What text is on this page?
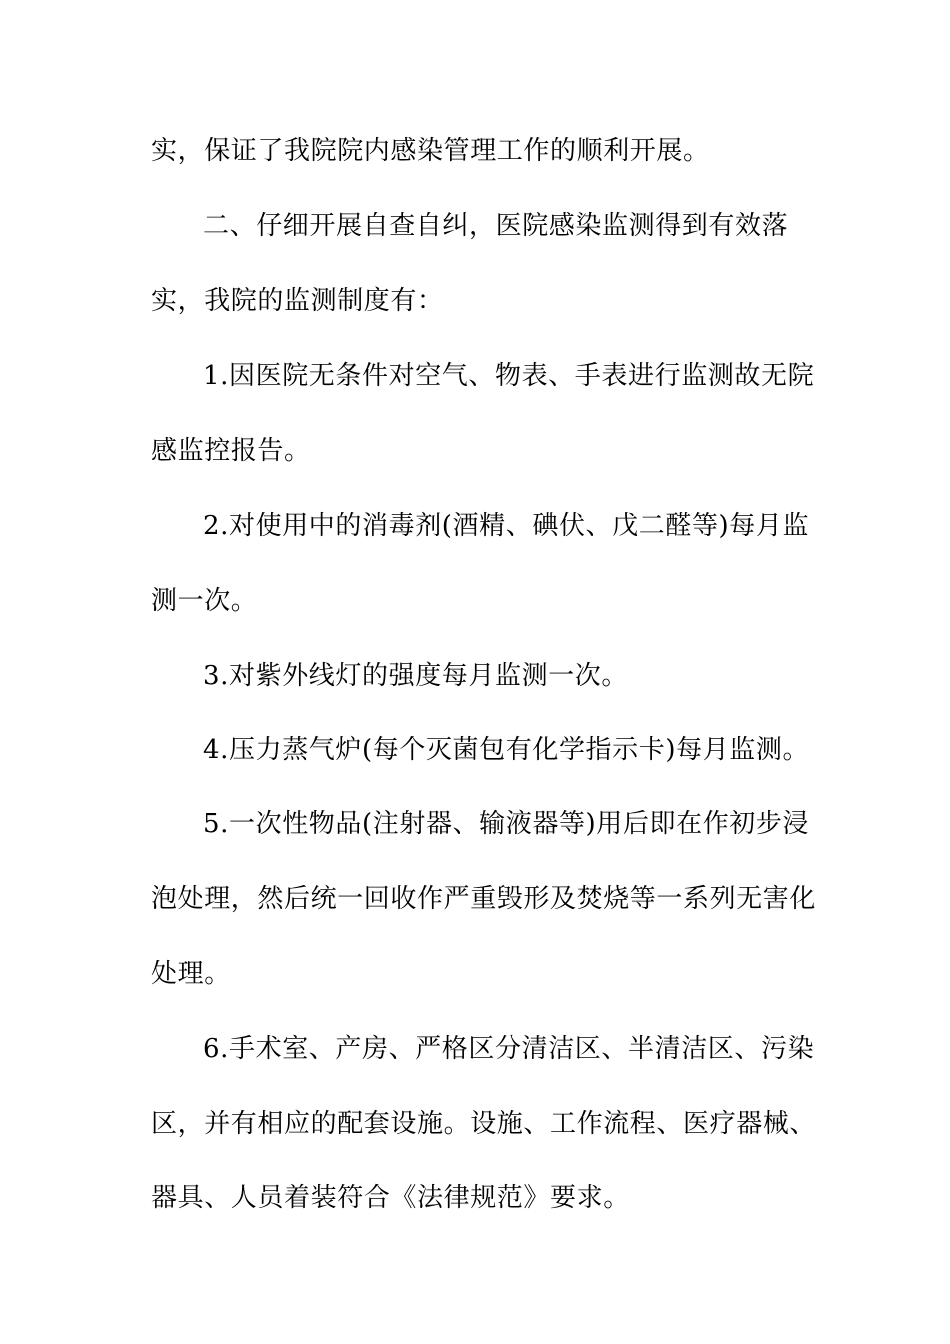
实，保证了我院院内感染管理工作的顺利开展。
二、仔细开展自查自纠，医院感染监测得到有效落
实，我院的监测制度有：
1.因医院无条件对空气、物表、手表进行监测故无院
感监控报告。
2.对使用中的消毒剂(酒精、碘伏、戊二醛等)每月监
测一次。
3.对紫外线灯的强度每月监测一次。
4.压力蒸气炉(每个灭菌包有化学指示卡)每月监测。
5.一次性物品(注射器、输液器等)用后即在作初步浸
泡处理，然后统一回收作严重毁形及焚烧等一系列无害化
处理。
6.手术室、产房、严格区分清洁区、半清洁区、污染
区，并有相应的配套设施。设施、工作流程、医疗器械、
器具、人员着装符合《法律规范》要求。
